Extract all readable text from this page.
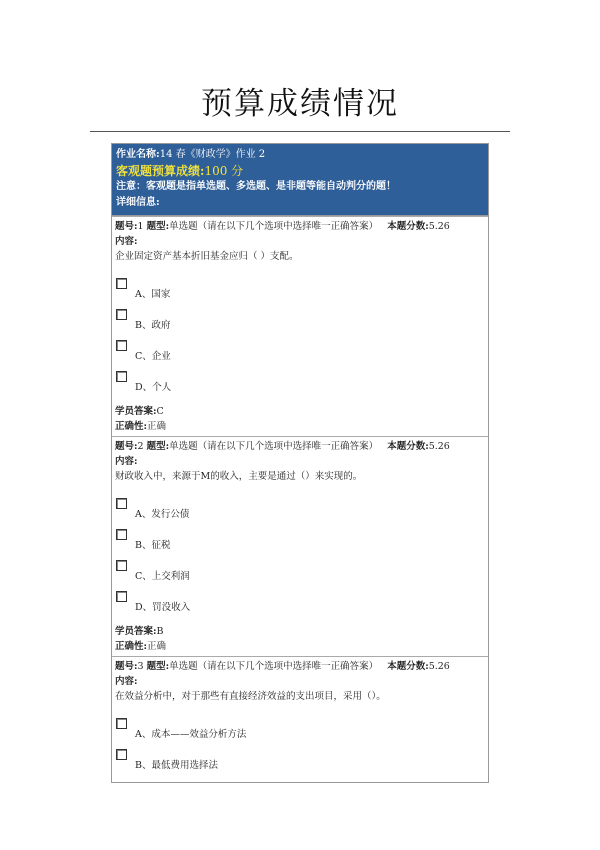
预算成绩情况
作业名称:14 春《财政学》作业 2
客观题预算成绩:100 分
注意：客观题是指单选题、多选题、是非题等能自动判分的题！
详细信息:
题号:1 题型:单选题（请在以下几个选项中选择唯一正确答案） 本题分数:5.26
内容:
企业固定资产基本折旧基金应归（ ）支配。
A、国家
B、政府
C、企业
D、个人
学员答案:C
正确性:正确
题号:2 题型:单选题（请在以下几个选项中选择唯一正确答案） 本题分数:5.26
内容:
财政收入中，来源于M的收入，主要是通过（）来实现的。
A、发行公债
B、征税
C、上交利润
D、罚没收入
学员答案:B
正确性:正确
题号:3 题型:单选题（请在以下几个选项中选择唯一正确答案） 本题分数:5.26
内容:
在效益分析中，对于那些有直接经济效益的支出项目，采用（）。
A、成本——效益分析方法
B、最低费用选择法
